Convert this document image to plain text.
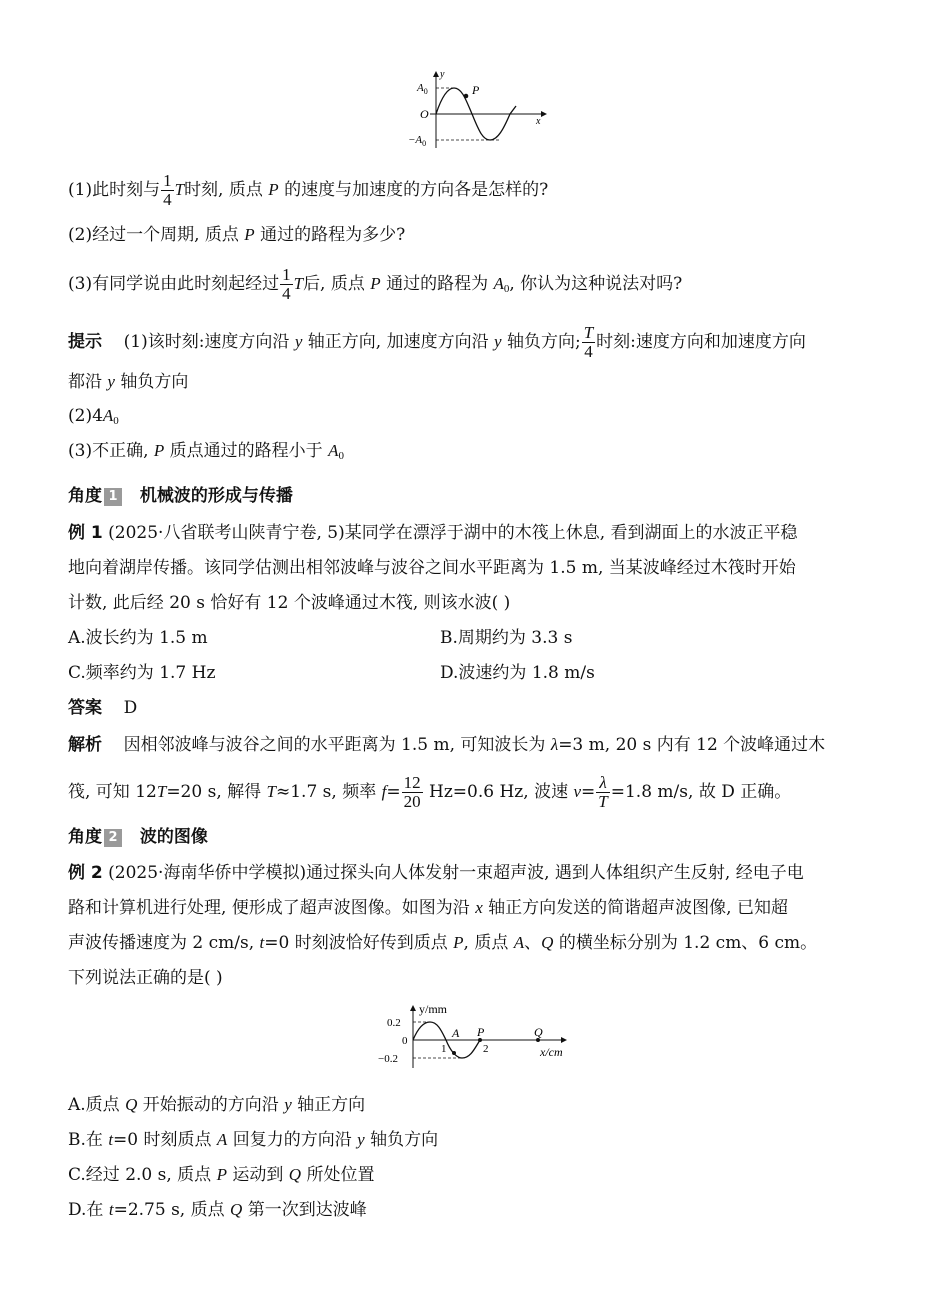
y
$A_0$
O
$-A_0$
x
P
(1)此时刻与 $\frac{1}{4}$ T时刻, 质点 P 的速度与加速度的方向各是怎样的?
(2)经过一个周期, 质点 P 通过的路程为多少?
(3)有同学说由此时刻起经过 $\frac{1}{4}$ T后, 质点 P 通过的路程为 $A_0$, 你认为这种说法对吗?
提示 (1)该时刻:速度方向沿 y 轴正方向, 加速度方向沿 y 轴负方向; $\frac{T}{4}$ 时刻:速度方向和加速度方向
都沿 y 轴负方向
$(2)4A_0$
(3)不正确, P 质点通过的路程小于 $A_0$
角度 1 机械波的形成与传播
例 1 (2025·八省联考山陕青宁卷, 5)某同学在漂浮于湖中的木筏上休息, 看到湖面上的水波正平稳
地向着湖岸传播。该同学估测出相邻波峰与波谷之间水平距离为 1.5 m, 当某波峰经过木筏时开始
计数, 此后经 20 s 恰好有 12 个波峰通过木筏, 则该水波( )
A.波长约为 1.5 m	B.周期约为 3.3 s
C.频率约为 1.7 Hz	D.波速约为 1.8 m/s
答案 D
解析 因相邻波峰与波谷之间的水平距离为 1.5 m, 可知波长为 λ=3 m, 20 s 内有 12 个波峰通过木
筏, 可知 12T=20 s, 解得 T≈1.7 s, 频率 $f= \frac{12}{20} Hz=0.6$ Hz, 波速 $v= \frac{\lambda}{T} =1.8$ m/s, 故 D 正确。
角度 2 波的图像
例 2 (2025·海南华侨中学模拟)通过探头向人体发射一束超声波, 遇到人体组织产生反射, 经电子电
路和计算机进行处理, 便形成了超声波图像。如图为沿 x 轴正方向发送的简谐超声波图像, 已知超
声波传播速度为 2 cm/s, t=0 时刻波恰好传到质点 P, 质点 A、Q 的横坐标分别为 1.2 cm、6 cm。
下列说法正确的是( )
y/mm
0.2
0
−0.2
A P	Q
1	2	x/cm
A.质点 Q 开始振动的方向沿 y 轴正方向
B.在 t=0 时刻质点 A 回复力的方向沿 y 轴负方向
C.经过 2.0 s, 质点 P 运动到 Q 所处位置
D.在 t=2.75 s, 质点 Q 第一次到达波峰
